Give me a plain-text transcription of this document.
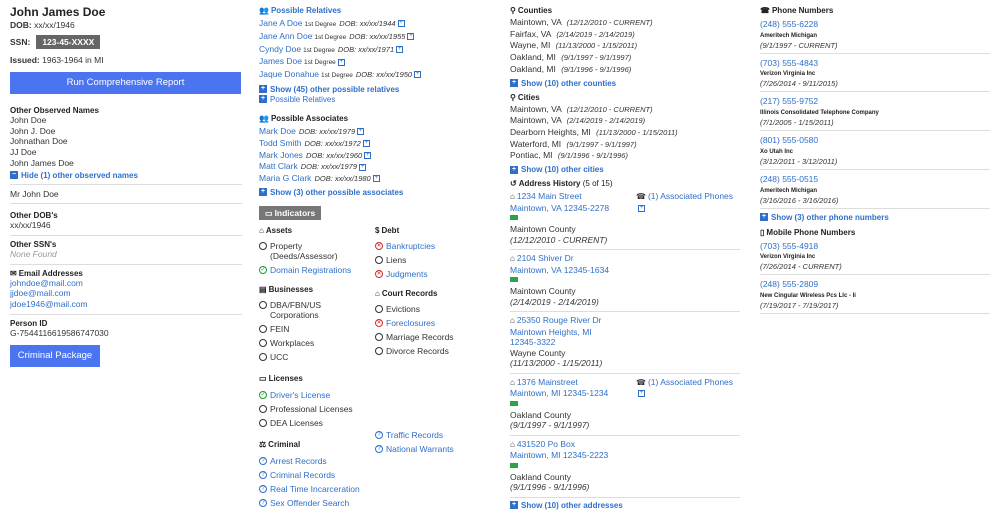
John James Doe
DOB: xx/xx/1946
SSN:	123-45-XXXX
Issued: 1963-1964 in MI
Run Comprehensive Report
Other Observed Names
John Doe
John J. Doe
Johnathan Doe
JJ Doe
John James Doe
− Hide (1) other observed names
Mr John Doe
Other DOB's
xx/xx/1946
Other SSN's
None Found
✉ Email Addresses
johndoe@mail.com
jjdoe@mail.com
jdoe1946@mail.com
Person ID
G-7544116619586747030
Criminal Package
👥 Possible Relatives
Jane A Doe 1st Degree DOB: xx/xx/1944 +
Jane Ann Doe 1st Degree DOB: xx/xx/1955 +
Cyndy Doe 1st Degree DOB: xx/xx/1971 +
James Doe 1st Degree +
Jaque Donahue 1st Degree DOB: xx/xx/1950 +
+ Show (45) other possible relatives
+ Possible Relatives
👥 Possible Associates
Mark Doe DOB: xx/xx/1979 +
Todd Smith DOB: xx/xx/1972 +
Mark Jones DOB: xx/xx/1960 +
Matt Clark DOB: xx/xx/1979 +
Maria G Clark DOB: xx/xx/1980 +
+ Show (3) other possible associates
▭ Indicators
⌂ Assets
Property (Deeds/Assessor)
✓
Domain Registrations
▤ Businesses
DBA/FBN/US Corporations
FEIN
Workplaces
UCC
▭ Licenses
✓
Driver's License
Professional Licenses
DEA Licenses
⚖ Criminal
?
Arrest Records
?
Criminal Records
?
Real Time Incarceration
?
Sex Offender Search
$ Debt
✕
Bankruptcies
Liens
✕
Judgments
⌂ Court Records
Evictions
✕
Foreclosures
Marriage Records
Divorce Records
?
Traffic Records
?
National Warrants
⚲ Counties
Maintown, VA (12/12/2010 - CURRENT)
Fairfax, VA (2/14/2019 - 2/14/2019)
Wayne, MI (11/13/2000 - 1/15/2011)
Oakland, MI (9/1/1997 - 9/1/1997)
Oakland, MI (9/1/1996 - 9/1/1996)
+ Show (10) other counties
⚲ Cities
Maintown, VA (12/12/2010 - CURRENT)
Maintown, VA (2/14/2019 - 2/14/2019)
Dearborn Heights, MI (11/13/2000 - 1/15/2011)
Waterford, MI (9/1/1997 - 9/1/1997)
Pontiac, MI (9/1/1996 - 9/1/1996)
+ Show (10) other cities
↺ Address History (5 of 15)
⌂ 1234 Main Street
Maintown, VA 12345-2278
☎ (1) Associated Phones+
Maintown County
(12/12/2010 - CURRENT)
⌂ 2104 Shiver Dr
Maintown, VA 12345-1634
Maintown County
(2/14/2019 - 2/14/2019)
⌂ 25350 Rouge River Dr
Maintown Heights, MI 12345-3322
Wayne County
(11/13/2000 - 1/15/2011)
⌂ 1376 Mainstreet
Maintown, MI 12345-1234
☎ (1) Associated Phones+
Oakland County
(9/1/1997 - 9/1/1997)
⌂ 431520 Po Box
Maintown, MI 12345-2223
Oakland County
(9/1/1996 - 9/1/1996)
+ Show (10) other addresses
☎ Phone Numbers
(248) 555-6228
Ameritech Michigan
(9/1/1997 - CURRENT)
(703) 555-4843
Verizon Virginia Inc
(7/26/2014 - 9/11/2015)
(217) 555-9752
Illinois Consolidated Telephone Company
(7/1/2005 - 1/15/2011)
(801) 555-0580
Xo Utah Inc
(3/12/2011 - 3/12/2011)
(248) 555-0515
Ameritech Michigan
(3/16/2016 - 3/16/2016)
+ Show (3) other phone numbers
▯ Mobile Phone Numbers
(703) 555-4918
Verizon Virginia Inc
(7/26/2014 - CURRENT)
(248) 555-2809
New Cingular Wireless Pcs Llc - Ii
(7/19/2017 - 7/19/2017)
